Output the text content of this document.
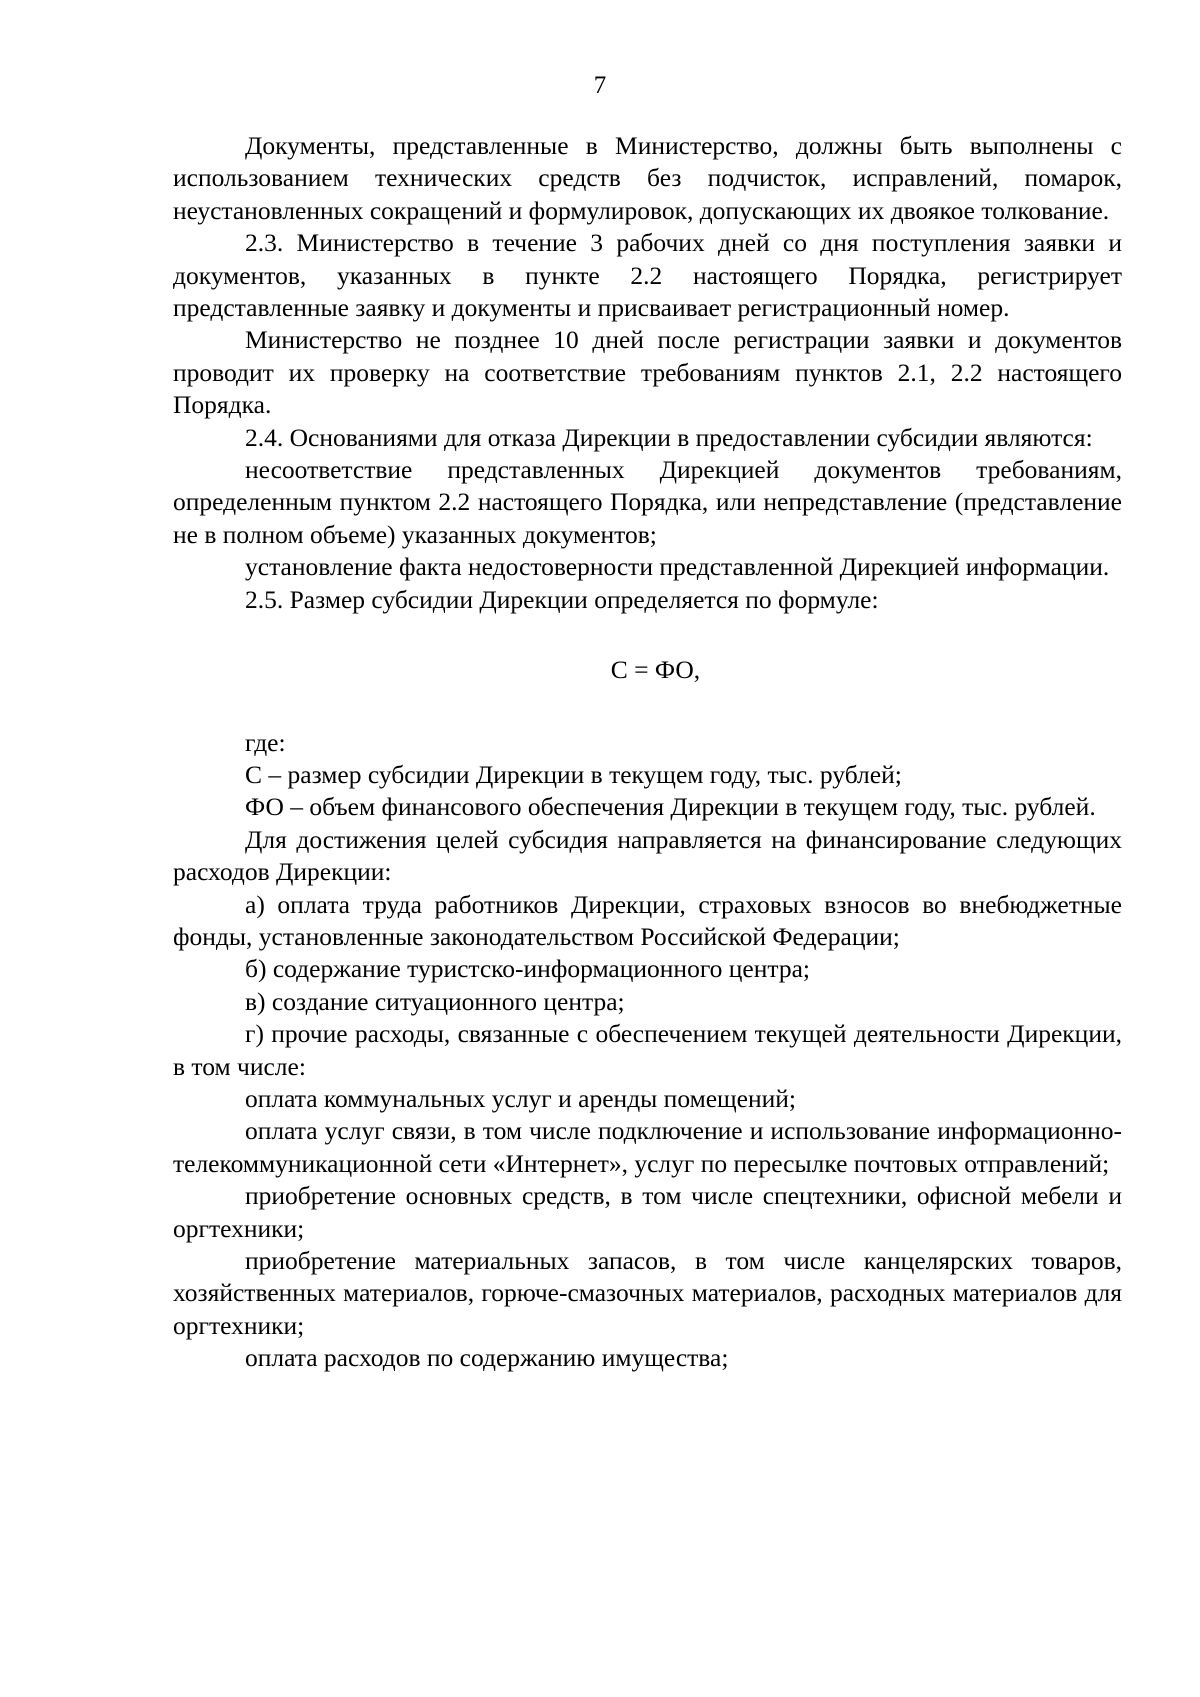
7

Документы, представленные в Министерство, должны быть выполнены с использованием технических средств без подчисток, исправлений, помарок, неустановленных сокращений и формулировок, допускающих их двоякое толкование.

2.3. Министерство в течение 3 рабочих дней со дня поступления заявки и документов, указанных в пункте 2.2 настоящего Порядка, регистрирует представленные заявку и документы и присваивает регистрационный номер.

Министерство не позднее 10 дней после регистрации заявки и документов проводит их проверку на соответствие требованиям пунктов 2.1, 2.2 настоящего Порядка.

2.4. Основаниями для отказа Дирекции в предоставлении субсидии являются:

несоответствие представленных Дирекцией документов требованиям, определенным пунктом 2.2 настоящего Порядка, или непредставление (представление не в полном объеме) указанных документов;

установление факта недостоверности представленной Дирекцией информации.

2.5. Размер субсидии Дирекции определяется по формуле:

С = ФО,

где:

С – размер субсидии Дирекции в текущем году, тыс. рублей;

ФО – объем финансового обеспечения Дирекции в текущем году, тыс. рублей.

Для достижения целей субсидия направляется на финансирование следующих расходов Дирекции:

а) оплата труда работников Дирекции, страховых взносов во внебюджетные фонды, установленные законодательством Российской Федерации;

б) содержание туристско-информационного центра;

в) создание ситуационного центра;

г) прочие расходы, связанные с обеспечением текущей деятельности Дирекции, в том числе:

оплата коммунальных услуг и аренды помещений;

оплата услуг связи, в том числе подключение и использование информационно-телекоммуникационной сети «Интернет», услуг по пересылке почтовых отправлений;

приобретение основных средств, в том числе спецтехники, офисной мебели и оргтехники;

приобретение материальных запасов, в том числе канцелярских товаров, хозяйственных материалов, горюче-смазочных материалов, расходных материалов для оргтехники;

оплата расходов по содержанию имущества;
